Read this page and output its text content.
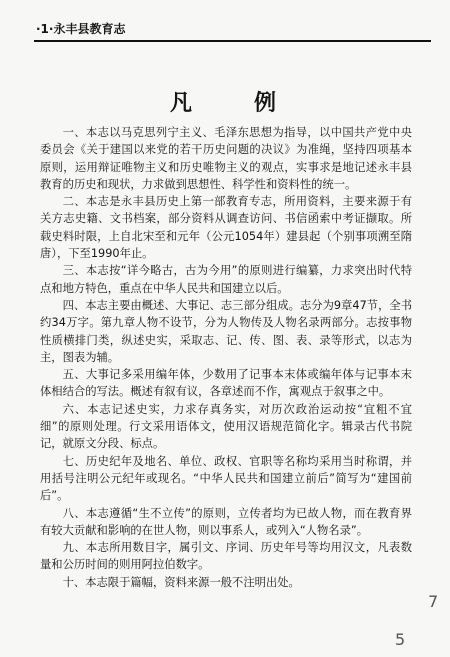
·1·永丰县教育志
凡　例

一、本志以马克思列宁主义、毛泽东思想为指导，以中国共产党中央委员会《关于建国以来党的若干历史问题的决议》为准绳，坚持四项基本原则，运用辩证唯物主义和历史唯物主义的观点，实事求是地记述永丰县教育的历史和现状，力求做到思想性、科学性和资料性的统一。

二、本志是永丰县历史上第一部教育专志，所用资料，主要来源于有关方志史籍、文书档案，部分资料从调查访问、书信函索中考证撷取。所载史料时限，上自北宋至和元年（公元1054年）建县起（个别事项溯至隋唐），下至1990年止。

三、本志按“详今略古，古为今用”的原则进行编纂，力求突出时代特点和地方特色，重点在中华人民共和国建立以后。

四、本志主要由概述、大事记、志三部分组成。志分为9章47节，全书约34万字。第九章人物不设节，分为人物传及人物名录两部分。志按事物性质横排门类，纵述史实，采取志、记、传、图、表、录等形式，以志为主，图表为辅。

五、大事记多采用编年体，少数用了记事本末体或编年体与记事本末体相结合的写法。概述有叙有议，各章述而不作，寓观点于叙事之中。

六、本志记述史实，力求存真务实，对历次政治运动按“宜粗不宜细”的原则处理。行文采用语体文，使用汉语规范简化字。辑录古代书院记，就原文分段、标点。

七、历史纪年及地名、单位、政权、官职等名称均采用当时称谓，并用括号注明公元纪年或现名。“中华人民共和国建立前后”简写为“建国前后”。

八、本志遵循“生不立传”的原则，立传者均为已故人物，而在教育界有较大贡献和影响的在世人物，则以事系人，或列入“人物名录”。

九、本志所用数目字，属引文、序词、历史年号等均用汉文，凡表数量和公历时间的则用阿拉伯数字。

十、本志限于篇幅，资料来源一般不注明出处。

7
5
